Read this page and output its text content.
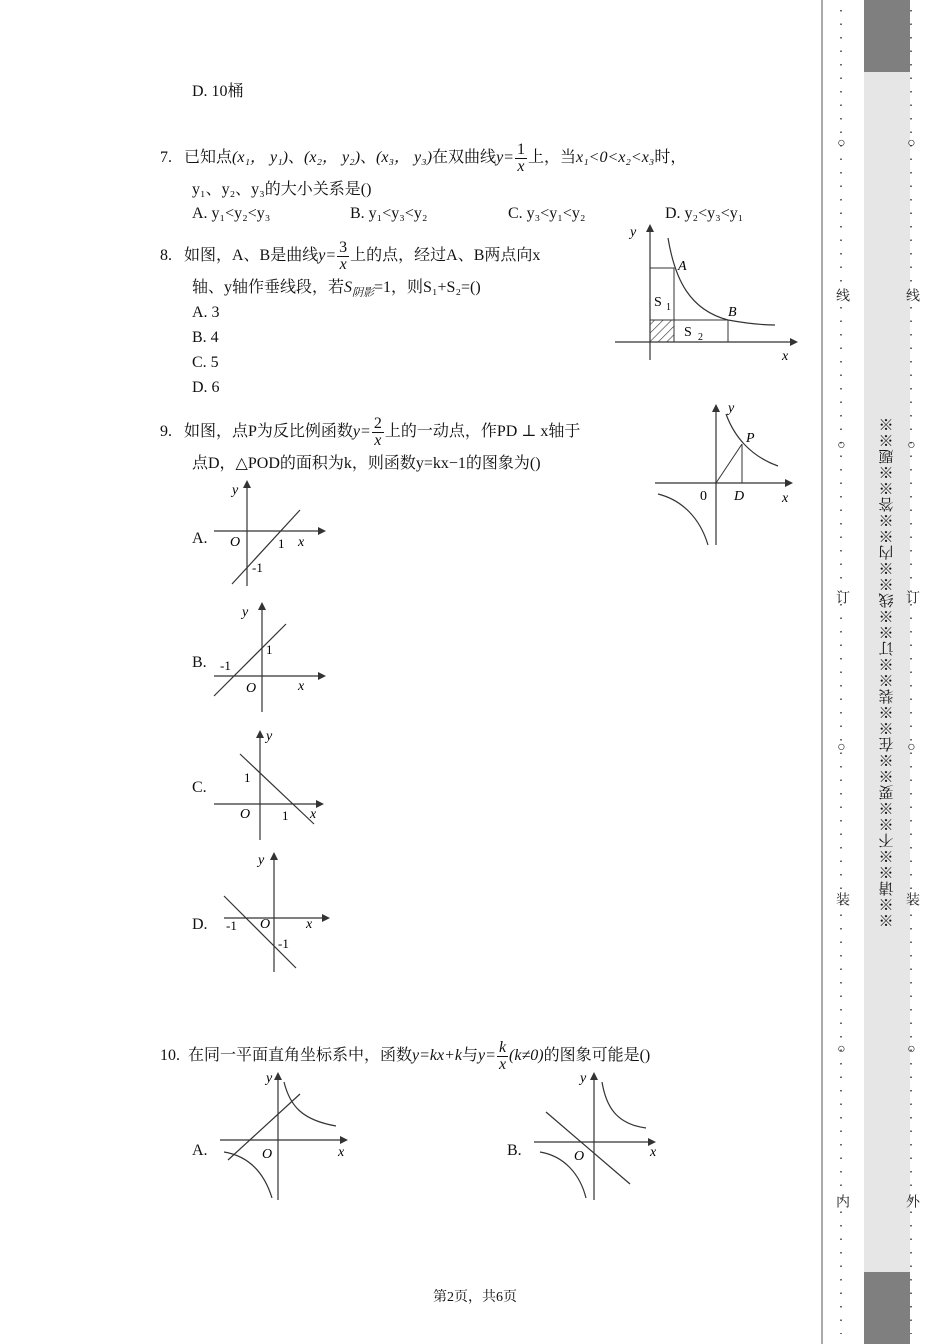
D. 10桶
7. 已知点(x₁， y₁)、(x₂， y₂)、(x₃， y₃)在双曲线$y= \frac{1}{x}$ 上，当x₁<0<x₂<x₃时，
y₁、y₂、y₃的大小关系是()
A. y₁<y₂<y₃	B. y₁<y₃<y₂	C. y₃<y₁<y₂	D. y₂<y₃<y₁
8. 如图，A、B是曲线$y= \frac{3}{x}$ 上的点，经过A、B两点向x
轴、y轴作垂线段，若$S_{阴影}=1$，则S₁+S₂=()
A. 3
B. 4
C. 5
D. 6
y
x
A
B
S 1
S 2
9. 如图，点P为反比例函数$y= \frac{2}{x}$ 上的一动点，作PD ⊥ x轴于
点D，△POD的面积为k，则函数y=kx−1的图象为()
y
x
P
D
0
A.
y
x
O	1
-1
B.
y
x
O
1
-1
C.
y
x
O
1
1
D.
y
x
O
-1
-1
10. 在同一平面直角坐标系中，函数y=kx+k与$y= \frac{k}{x} (k\ne 0)$的图象可能是()
A.
y
x
O	B.
y
x
O
第2页，共6页
○
线
○
订
○
装
○
内
※※请※※不※※要※※在※※装※※订※※线※※内※※答※※题※※
○
线
○
订
○
装
○
外
